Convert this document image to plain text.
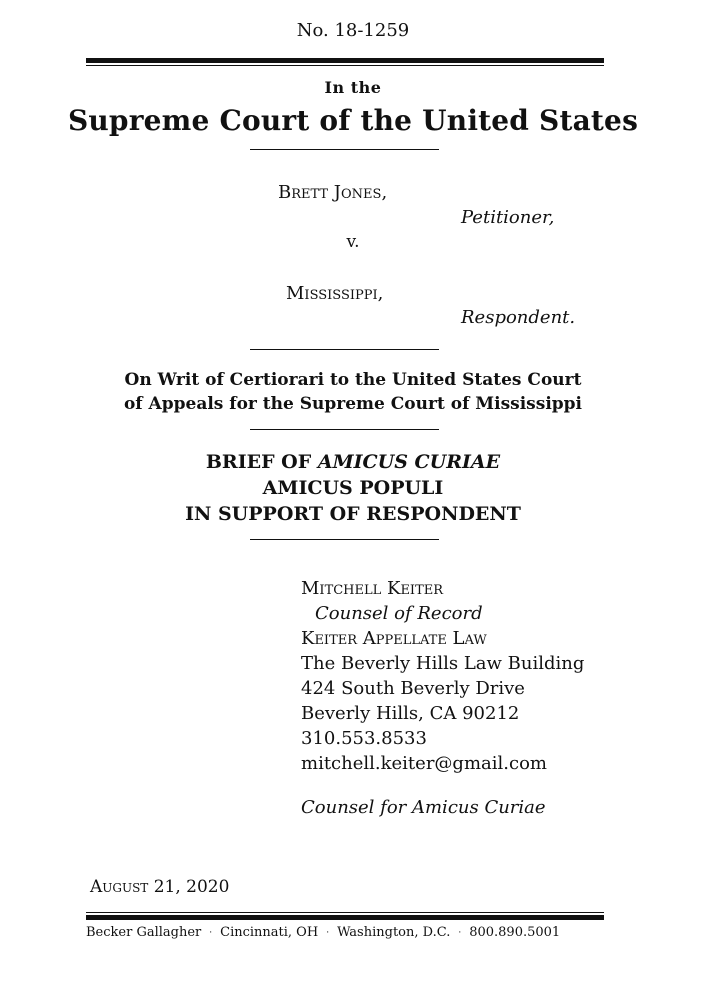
No. 18-1259
In the
Supreme Court of the United States
Brett Jones,
Petitioner,
v.
Mississippi,
Respondent.
On Writ of Certiorari to the United States Court
of Appeals for the Supreme Court of Mississippi
BRIEF OF AMICUS CURIAE
AMICUS POPULI
IN SUPPORT OF RESPONDENT
Mitchell Keiter
Counsel of Record
Keiter Appellate Law
The Beverly Hills Law Building
424 South Beverly Drive
Beverly Hills, CA 90212
310.553.8533
mitchell.keiter@gmail.com
Counsel for Amicus Curiae
August 21, 2020
Becker Gallagher · Cincinnati, OH · Washington, D.C. · 800.890.5001
